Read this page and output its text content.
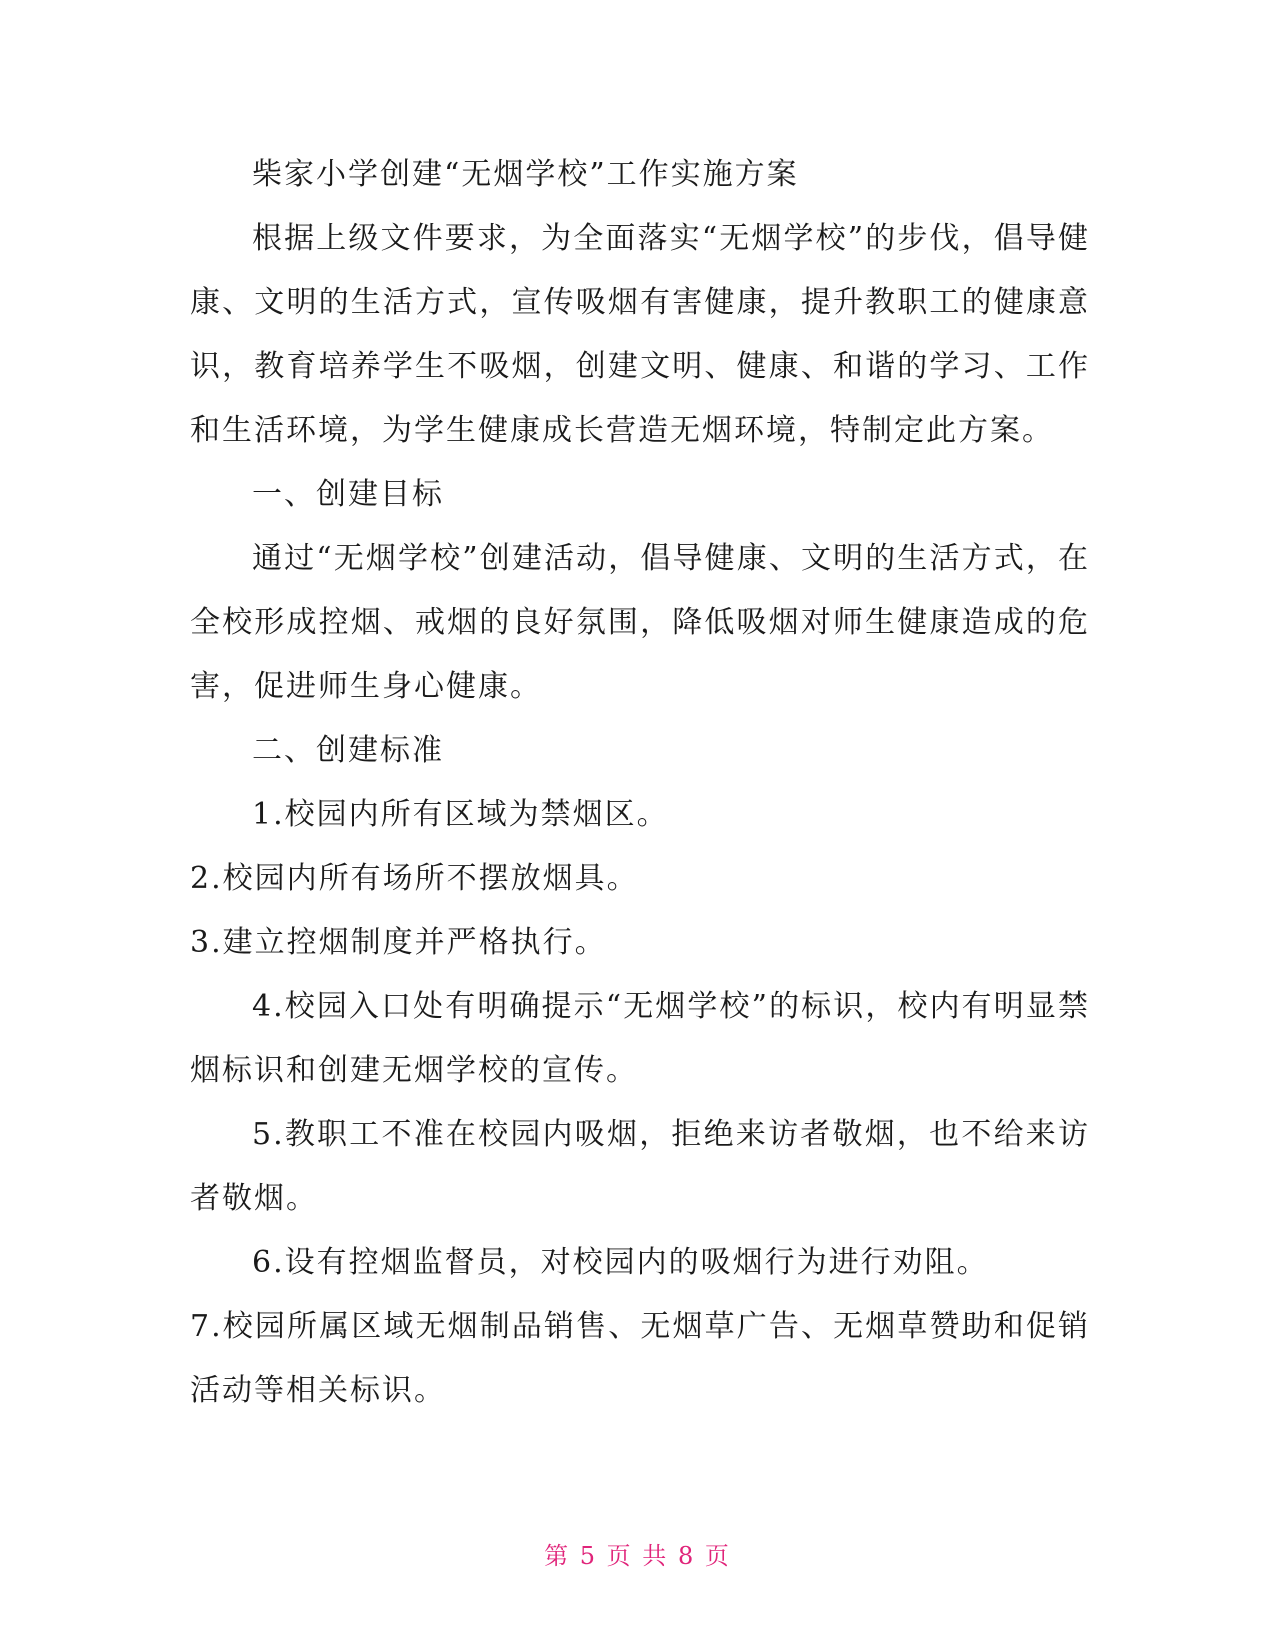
柴家小学创建“无烟学校”工作实施方案

根据上级文件要求，为全面落实“无烟学校”的步伐，倡导健康、文明的生活方式，宣传吸烟有害健康，提升教职工的健康意识，教育培养学生不吸烟，创建文明、健康、和谐的学习、工作和生活环境，为学生健康成长营造无烟环境，特制定此方案。

一、创建目标

通过“无烟学校”创建活动，倡导健康、文明的生活方式，在全校形成控烟、戒烟的良好氛围，降低吸烟对师生健康造成的危害，促进师生身心健康。

二、创建标准

1.校园内所有区域为禁烟区。

2.校园内所有场所不摆放烟具。

3.建立控烟制度并严格执行。

4.校园入口处有明确提示“无烟学校”的标识，校内有明显禁烟标识和创建无烟学校的宣传。

5.教职工不准在校园内吸烟，拒绝来访者敬烟，也不给来访者敬烟。

6.设有控烟监督员，对校园内的吸烟行为进行劝阻。

7.校园所属区域无烟制品销售、无烟草广告、无烟草赞助和促销活动等相关标识。

第 5 页 共 8 页
